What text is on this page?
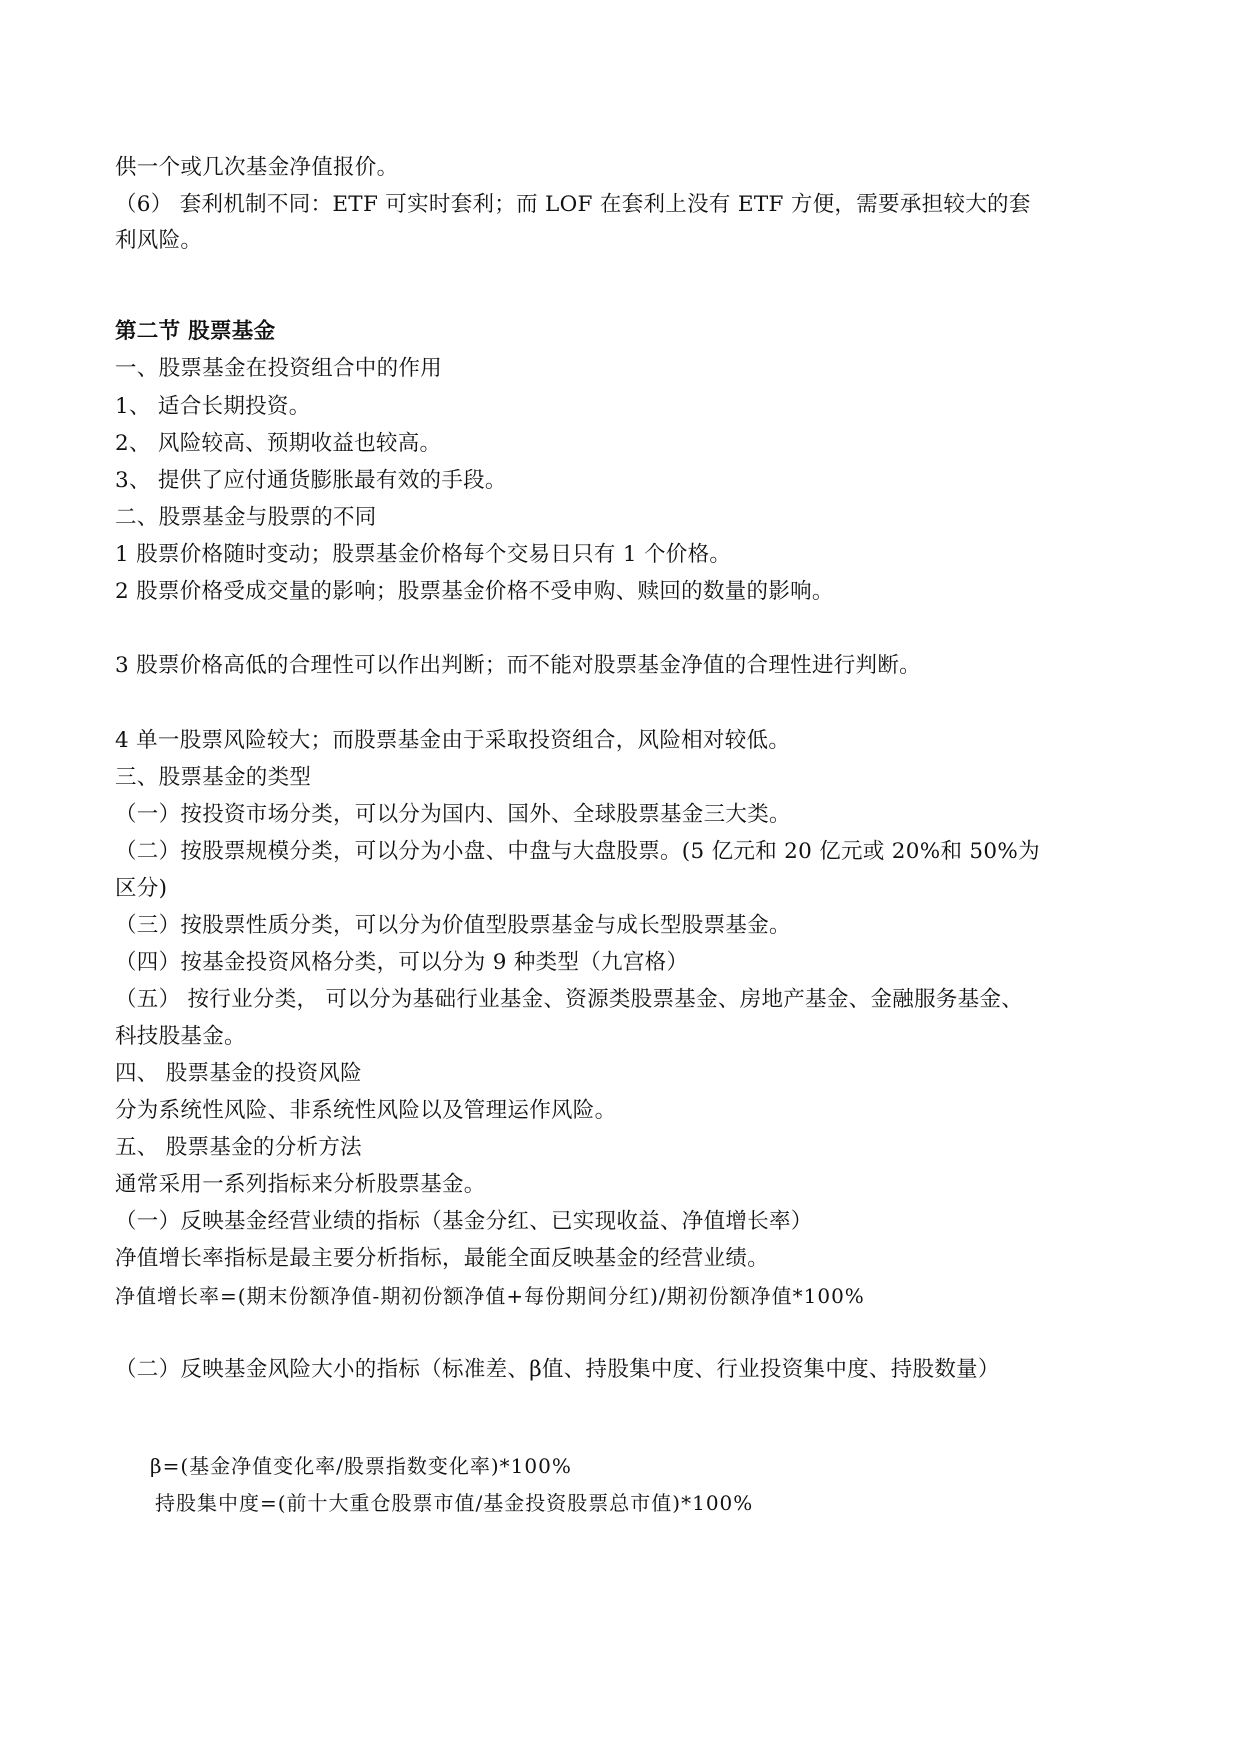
供一个或几次基金净值报价。
（6） 套利机制不同：ETF 可实时套利；而 LOF 在套利上没有 ETF 方便，需要承担较大的套
利风险。
第二节 股票基金
一、股票基金在投资组合中的作用
1、 适合长期投资。
2、 风险较高、预期收益也较高。
3、 提供了应付通货膨胀最有效的手段。
二、股票基金与股票的不同
1 股票价格随时变动；股票基金价格每个交易日只有 1 个价格。
2 股票价格受成交量的影响；股票基金价格不受申购、赎回的数量的影响。
3 股票价格高低的合理性可以作出判断；而不能对股票基金净值的合理性进行判断。
4 单一股票风险较大；而股票基金由于采取投资组合，风险相对较低。
三、股票基金的类型
（一）按投资市场分类，可以分为国内、国外、全球股票基金三大类。
（二）按股票规模分类，可以分为小盘、中盘与大盘股票。(5 亿元和 20 亿元或 20%和 50%为
区分)
（三）按股票性质分类，可以分为价值型股票基金与成长型股票基金。
（四）按基金投资风格分类，可以分为 9 种类型（九宫格）
（五） 按行业分类， 可以分为基础行业基金、资源类股票基金、房地产基金、金融服务基金、
科技股基金。
四、 股票基金的投资风险
分为系统性风险、非系统性风险以及管理运作风险。
五、 股票基金的分析方法
通常采用一系列指标来分析股票基金。
（一）反映基金经营业绩的指标（基金分红、已实现收益、净值增长率）
净值增长率指标是最主要分析指标，最能全面反映基金的经营业绩。
净值增长率=(期末份额净值-期初份额净值+每份期间分红)/期初份额净值*100%
（二）反映基金风险大小的指标（标准差、β值、持股集中度、行业投资集中度、持股数量）
β=(基金净值变化率/股票指数变化率)*100%
持股集中度=(前十大重仓股票市值/基金投资股票总市值)*100%
